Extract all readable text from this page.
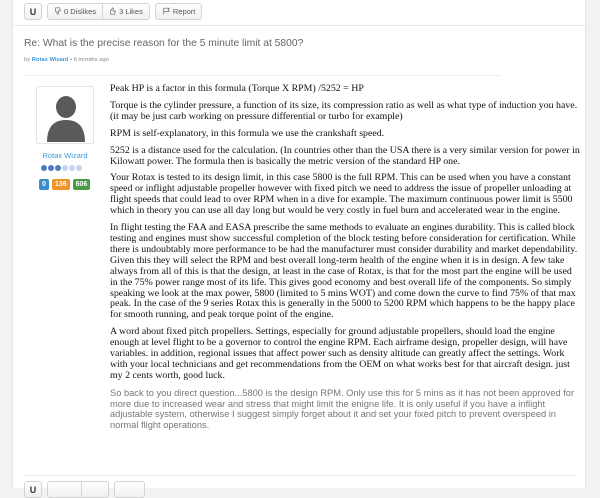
U	0 Dislikes	3 Likes	Report
Re: What is the precise reason for the 5 minute limit at 5800?
by Rotax Wizard • 6 months ago
Rotax Wizard
0	136	606

Peak HP is a factor in this formula (Torque X RPM) /5252 = HP

Torque is the cylinder pressure, a function of its size, its compression ratio as well as what type of induction you have. (it may be just carb working on pressure differential or turbo for example)

RPM is self-explanatory, in this formula we use the crankshaft speed.

5252 is a distance used for the calculation. (In countries other than the USA there is a very similar version for power in Kilowatt power. The formula then is basically the metric version of the standard HP one.

Your Rotax is tested to its design limit, in this case 5800 is the full RPM. This can be used when you have a constant speed or inflight adjustable propeller however with fixed pitch we need to address the issue of propeller unloading at flight speeds that could lead to over RPM when in a dive for example. The maximum continuous power limit is 5500 which in theory you can use all day long but would be very costly in fuel burn and accelerated wear in the engine.

In flight testing the FAA and EASA prescribe the same methods to evaluate an engines durability. This is called block testing and engines must show successful completion of the block testing before consideration for certification. While there is undoubtably more performance to be had the manufacturer must consider durability and market dependability. Given this they will select the RPM and best overall long-term health of the engine when it is in design. A few take always from all of this is that the design, at least in the case of Rotax, is that for the most part the engine will be used in the 75% power range most of its life. This gives good economy and best overall life of the components. So simply speaking we look at the max power, 5800 (limited to 5 mins WOT) and come down the curve to find 75% of that max peak. In the case of the 9 series Rotax this is generally in the 5000 to 5200 RPM which happens to be the happy place for smooth running, and peak torque point of the engine.

A word about fixed pitch propellers. Settings, especially for ground adjustable propellers, should load the engine enough at level flight to be a governor to control the engine RPM. Each airframe design, propeller design, will have variables. in addition, regional issues that affect power such as density altitude can greatly affect the settings. Work with your local technicians and get recommendations from the OEM on what works best for that aircraft design. just my 2 cents worth, good luck.

So back to you direct question...5800 is the design RPM. Only use this for 5 mins as it has not been approved for more due to increased wear and stress that might limit the enigne life. It is only useful if you have a inflight adjustable system, otherwise I suggest simply forget about it and set your fixed pitch to prevent overspeed in normal flight operations.

U
